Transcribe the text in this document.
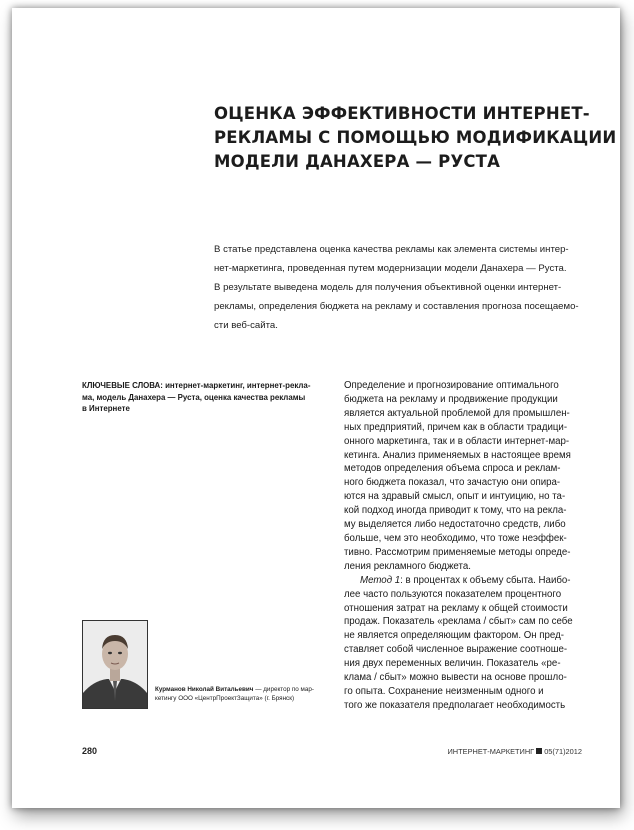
ОЦЕНКА ЭФФЕКТИВНОСТИ ИНТЕРНЕТ-
РЕКЛАМЫ С ПОМОЩЬЮ МОДИФИКАЦИИ
МОДЕЛИ ДАНАХЕРА — РУСТА
В статье представлена оценка качества рекламы как элемента системы интер-
нет-маркетинга, проведенная путем модернизации модели Данахера — Руста.
В результате выведена модель для получения объективной оценки интернет-
рекламы, определения бюджета на рекламу и составления прогноза посещаемо-
сти веб-сайта.
КЛЮЧЕВЫЕ СЛОВА: интернет-маркетинг, интернет-рекла-
ма, модель Данахера — Руста, оценка качества рекламы
в Интернете
Определение и прогнозирование оптимального
бюджета на рекламу и продвижение продукции
является актуальной проблемой для промышлен-
ных предприятий, причем как в области традици-
онного маркетинга, так и в области интернет-мар-
кетинга. Анализ применяемых в настоящее время
методов определения объема спроса и реклам-
ного бюджета показал, что зачастую они опира-
ются на здравый смысл, опыт и интуицию, но та-
кой подход иногда приводит к тому, что на рекла-
му выделяется либо недостаточно средств, либо
больше, чем это необходимо, что тоже неэффек-
тивно. Рассмотрим применяемые методы опреде-
ления рекламного бюджета.
Метод 1: в процентах к объему сбыта. Наибо-
лее часто пользуются показателем процентного
отношения затрат на рекламу к общей стоимости
продаж. Показатель «реклама / сбыт» сам по себе
не является определяющим фактором. Он пред-
ставляет собой численное выражение соотноше-
ния двух переменных величин. Показатель «ре-
клама / сбыт» можно вывести на основе прошло-
го опыта. Сохранение неизменным одного и
того же показателя предполагает необходимость
Курманов Николай Витальевич — директор по мар-
кетингу ООО «ЦентрПроектЗащита» (г. Брянск)
280	ИНТЕРНЕТ-МАРКЕТИНГ 05(71)2012
